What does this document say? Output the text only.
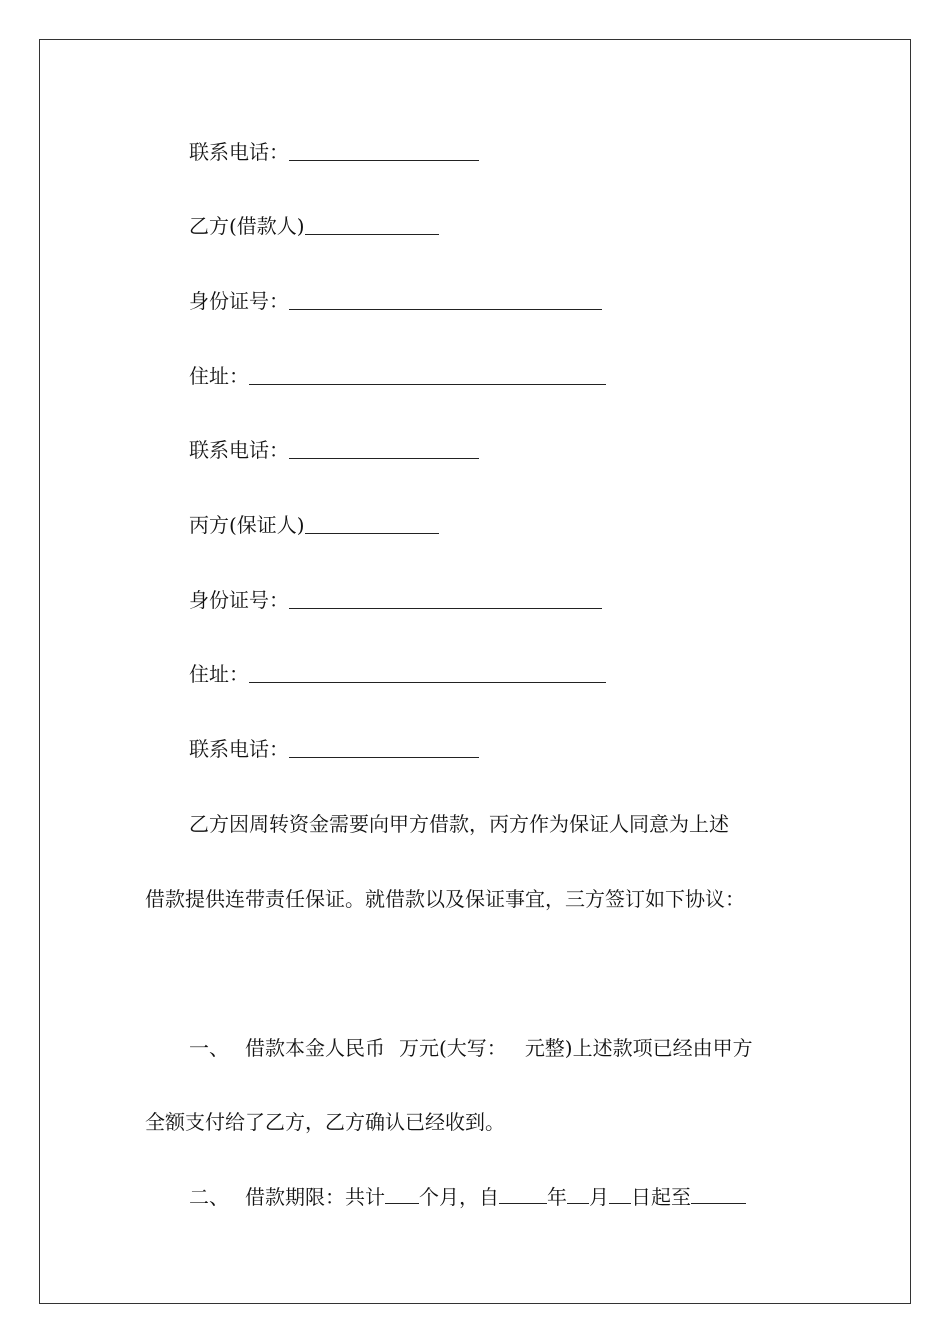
联系电话：
乙方(借款人)
身份证号：
住址：
联系电话：
丙方(保证人)
身份证号：
住址：
联系电话：
乙方因周转资金需要向甲方借款，丙方作为保证人同意为上述
借款提供连带责任保证。就借款以及保证事宜，三方签订如下协议：
一、 借款本金人民币 万元(大写： 元整)上述款项已经由甲方
全额支付给了乙方，乙方确认已经收到。
二、 借款期限：共计 个月，自 年 月 日起至
